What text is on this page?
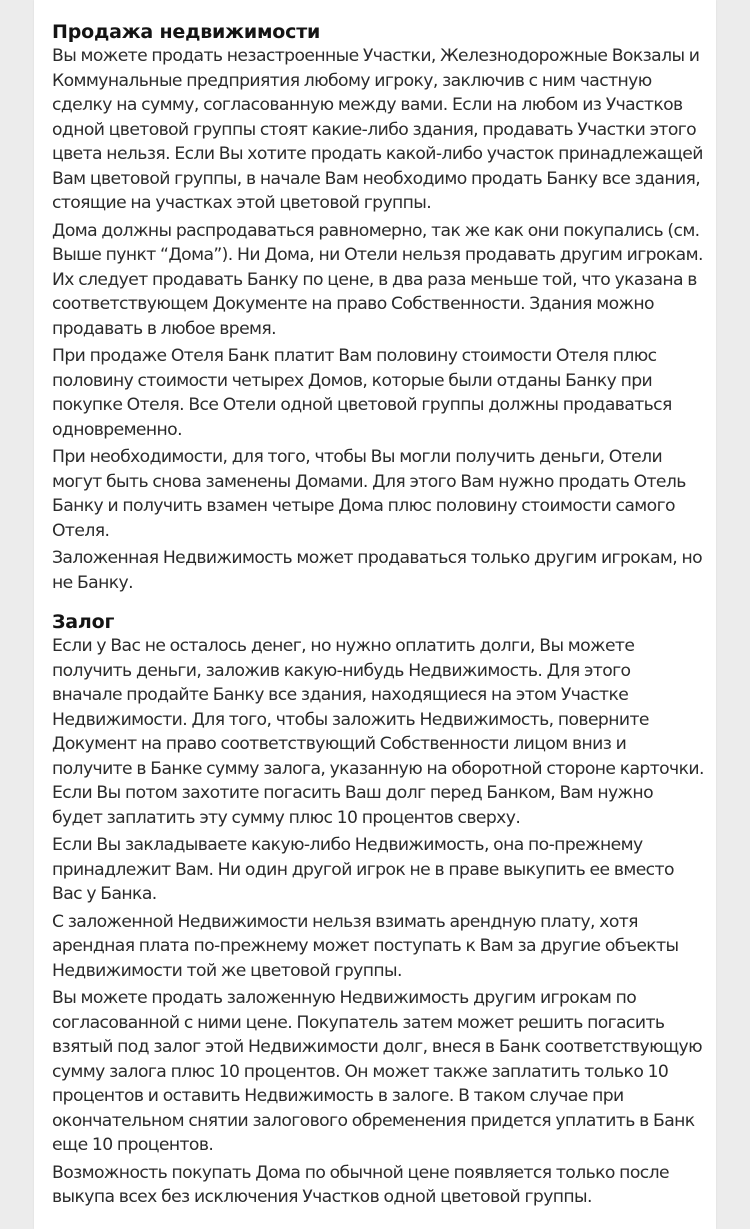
Продажа недвижимости

Вы можете продать незастроенные Участки, Железнодорожные Вокзалы и Коммунальные предприятия любому игроку, заключив с ним частную сделку на сумму, согласованную между вами. Если на любом из Участков одной цветовой группы стоят какие-либо здания, продавать Участки этого цвета нельзя. Если Вы хотите продать какой-либо участок принадлежащей Вам цветовой группы, в начале Вам необходимо продать Банку все здания, стоящие на участках этой цветовой группы.

Дома должны распродаваться равномерно, так же как они покупались (см. Выше пункт “Дома”). Ни Дома, ни Отели нельзя продавать другим игрокам. Их следует продавать Банку по цене, в два раза меньше той, что указана в соответствующем Документе на право Собственности. Здания можно продавать в любое время.

При продаже Отеля Банк платит Вам половину стоимости Отеля плюс половину стоимости четырех Домов, которые были отданы Банку при покупке Отеля. Все Отели одной цветовой группы должны продаваться одновременно.

При необходимости, для того, чтобы Вы могли получить деньги, Отели могут быть снова заменены Домами. Для этого Вам нужно продать Отель Банку и получить взамен четыре Дома плюс половину стоимости самого Отеля.

Заложенная Недвижимость может продаваться только другим игрокам, но не Банку.

Залог

Если у Вас не осталось денег, но нужно оплатить долги, Вы можете получить деньги, заложив какую-нибудь Недвижимость. Для этого вначале продайте Банку все здания, находящиеся на этом Участке Недвижимости. Для того, чтобы заложить Недвижимость, поверните Документ на право соответствующий Собственности лицом вниз и получите в Банке сумму залога, указанную на оборотной стороне карточки. Если Вы потом захотите погасить Ваш долг перед Банком, Вам нужно будет заплатить эту сумму плюс 10 процентов сверху.

Если Вы закладываете какую-либо Недвижимость, она по-прежнему принадлежит Вам. Ни один другой игрок не в праве выкупить ее вместо Вас у Банка.

С заложенной Недвижимости нельзя взимать арендную плату, хотя арендная плата по-прежнему может поступать к Вам за другие объекты Недвижимости той же цветовой группы.

Вы можете продать заложенную Недвижимость другим игрокам по согласованной с ними цене. Покупатель затем может решить погасить взятый под залог этой Недвижимости долг, внеся в Банк соответствующую сумму залога плюс 10 процентов. Он может также заплатить только 10 процентов и оставить Недвижимость в залоге. В таком случае при окончательном снятии залогового обременения придется уплатить в Банк еще 10 процентов.

Возможность покупать Дома по обычной цене появляется только после выкупа всех без исключения Участков одной цветовой группы.
